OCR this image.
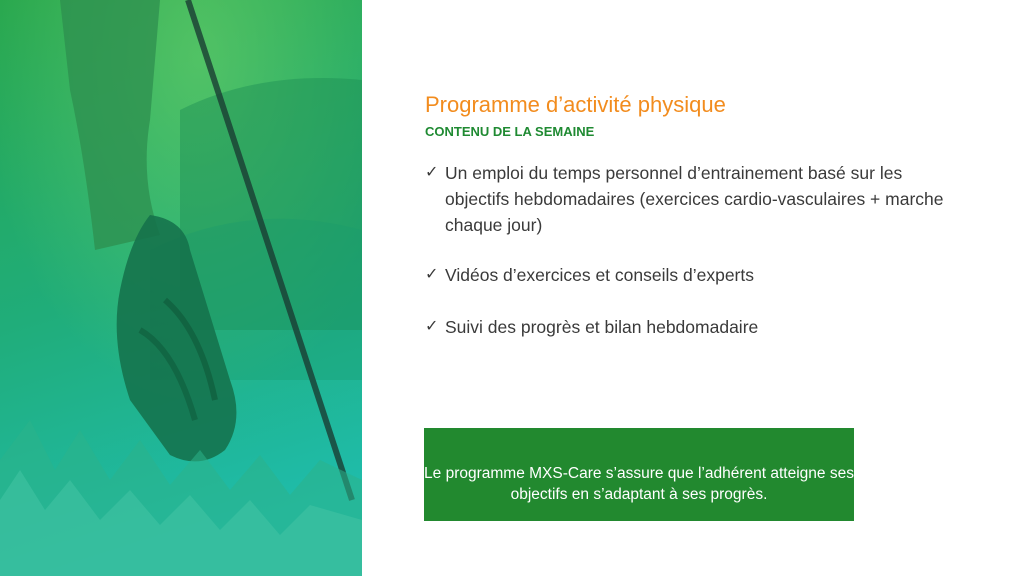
Programme d’activité physique
CONTENU DE LA SEMAINE
✓ Un emploi du temps personnel d’entrainement basé sur les objectifs hebdomadaires (exercices cardio-vasculaires + marche chaque jour)
✓ Vidéos d’exercices et conseils d’experts
✓ Suivi des progrès et bilan hebdomadaire
Le programme MXS-Care s’assure que l’adhérent atteigne ses objectifs en s’adaptant à ses progrès.
